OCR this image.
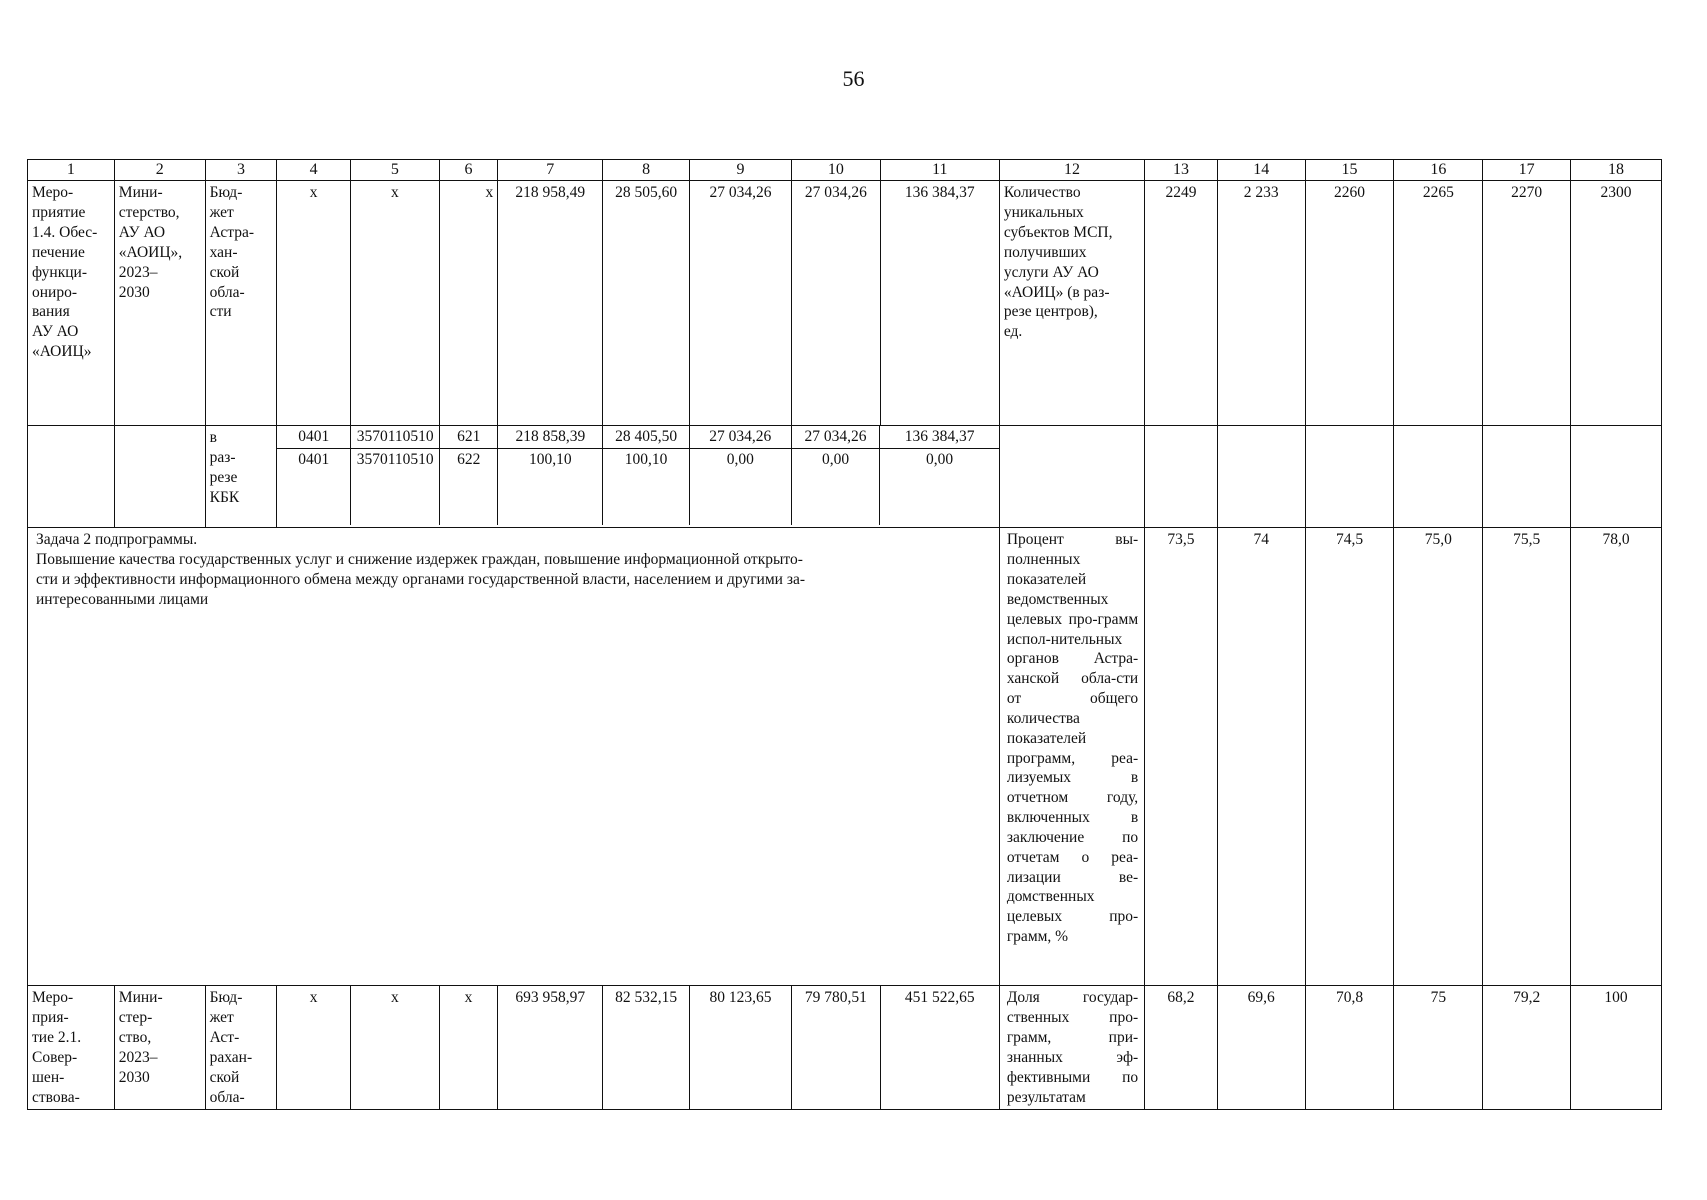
56
1	2	3	4	5	6	7	8	9	10	11	12	13	14	15	16	17	18
Меро-
приятие
1.4. Обес-
печение
функци-
ониро-
вания
АУ АО
«АОИЦ»	Мини-
стерство,
АУ АО
«АОИЦ»,
2023–
2030	Бюд-
жет
Астра-
хан-
ской
обла-
сти	x	x	x	218 958,49	28 505,60	27 034,26	27 034,26	136 384,37	Количество
уникальных
субъектов МСП,
получивших
услуги АУ АО
«АОИЦ» (в раз-
резе центров),
ед.	2249	2 233	2260	2265	2270	2300
		в
раз-
резе
КБК	
0401	3570110510	621	218 858,39	28 405,50	27 034,26	27 034,26	136 384,37
0401	3570110510	622	100,10	100,10	0,00	0,00	0,00

Задача 2 подпрограммы.
Повышение качества государственных услуг и снижение издержек граждан, повышение информационной открыто-
сти и эффективности информационного обмена между органами государственной власти, населением и другими за-
интересованными лицами	Процент вы-полненных показателей ведомственных целевых про-грамм испол-нительных органов Астра-ханской обла-сти от общего количества показателей программ, реа-лизуемых в отчетном году, включенных в заключение по отчетам о реа-лизации ве-домственных целевых про-грамм, %	73,5	74	74,5	75,0	75,5	78,0
Меро-
прия-
тие 2.1.
Совер-
шен-
ствова-	Мини-
стер-
ство,
2023–
2030	Бюд-
жет
Аст-
рахан-
ской
обла-	x	x	x	693 958,97	82 532,15	80 123,65	79 780,51	451 522,65	Доля государ-ственных про-грамм, при-знанных эф-фективными по результатам	68,2	69,6	70,8	75	79,2	100
